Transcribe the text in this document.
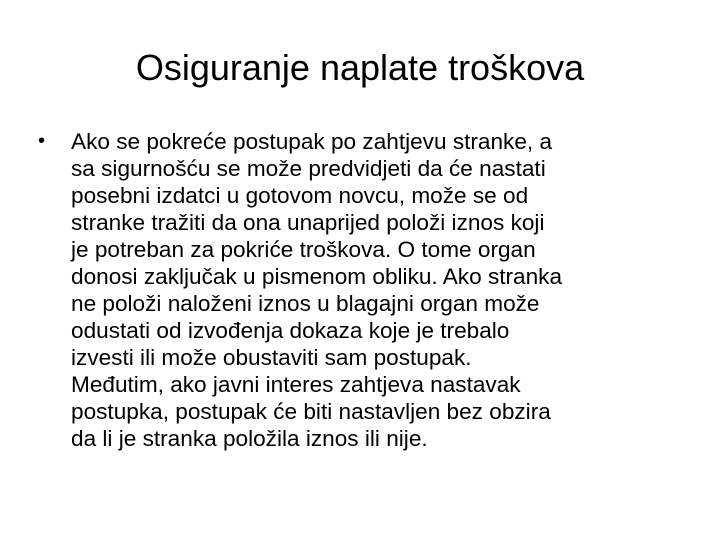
Osiguranje naplate troškova
•	Ako se pokreće postupak po zahtjevu stranke, a
sa sigurnošću se može predvidjeti da će nastati
posebni izdatci u gotovom novcu, može se od
stranke tražiti da ona unaprijed položi iznos koji
je potreban za pokriće troškova. O tome organ
donosi zaključak u pismenom obliku. Ako stranka
ne položi naloženi iznos u blagajni organ može
odustati od izvođenja dokaza koje je trebalo
izvesti ili može obustaviti sam postupak.
Međutim, ako javni interes zahtjeva nastavak
postupka, postupak će biti nastavljen bez obzira
da li je stranka položila iznos ili nije.
